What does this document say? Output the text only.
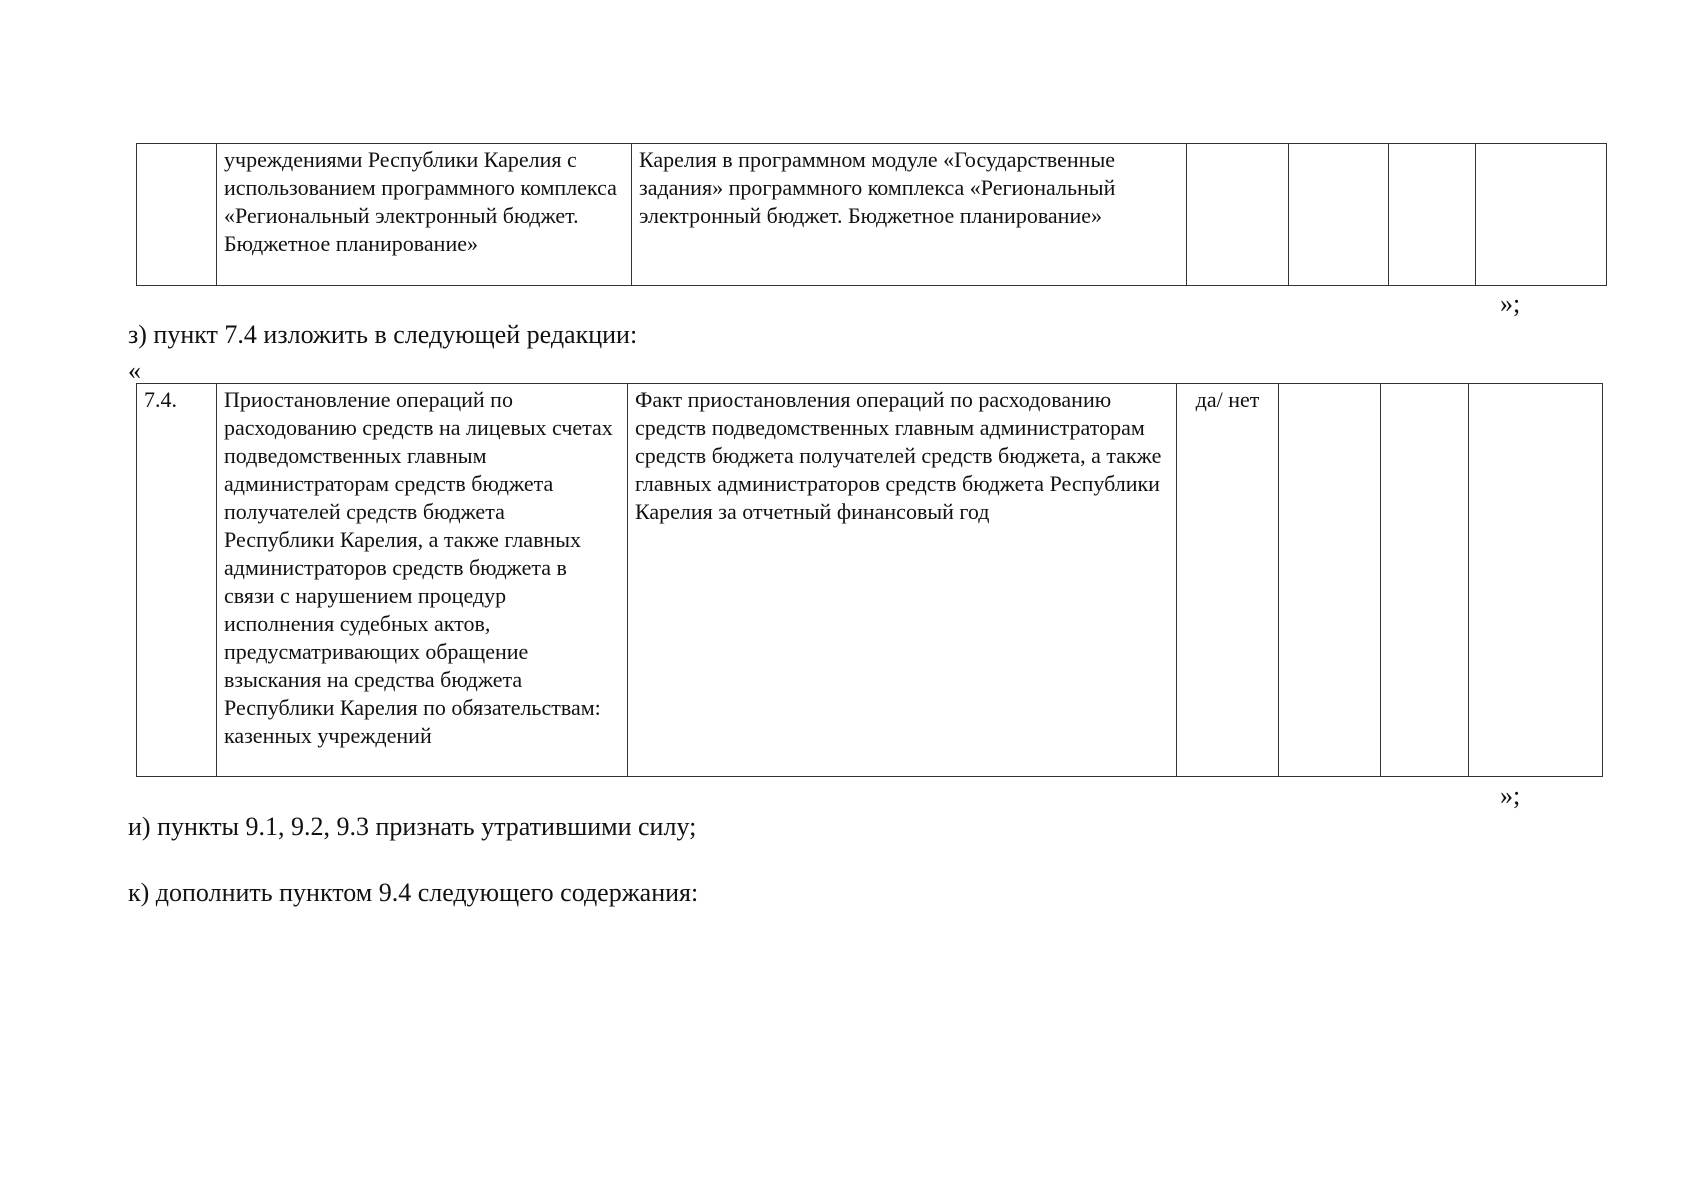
	учреждениями Республики Карелия с использованием программного комплекса «Региональный электронный бюджет. Бюджетное планирование»	Карелия в программном модуле «Государственные задания» программного комплекса «Региональный электронный бюджет. Бюджетное планирование»				
»;
з) пункт 7.4 изложить в следующей редакции:
«
7.4.	Приостановление операций по расходованию средств на лицевых счетах подведомственных главным администраторам средств бюджета получателей средств бюджета Республики Карелия, а также главных администраторов средств бюджета в связи с нарушением процедур исполнения судебных актов, предусматривающих обращение взыскания на средства бюджета Республики Карелия по обязательствам: казенных учреждений	Факт приостановления операций по расходованию средств подведомственных главным администраторам средств бюджета получателей средств бюджета, а также главных администраторов средств бюджета Республики Карелия за отчетный финансовый год	да/ нет			
»;
и) пункты 9.1, 9.2, 9.3 признать утратившими силу;
к) дополнить пунктом 9.4 следующего содержания:
